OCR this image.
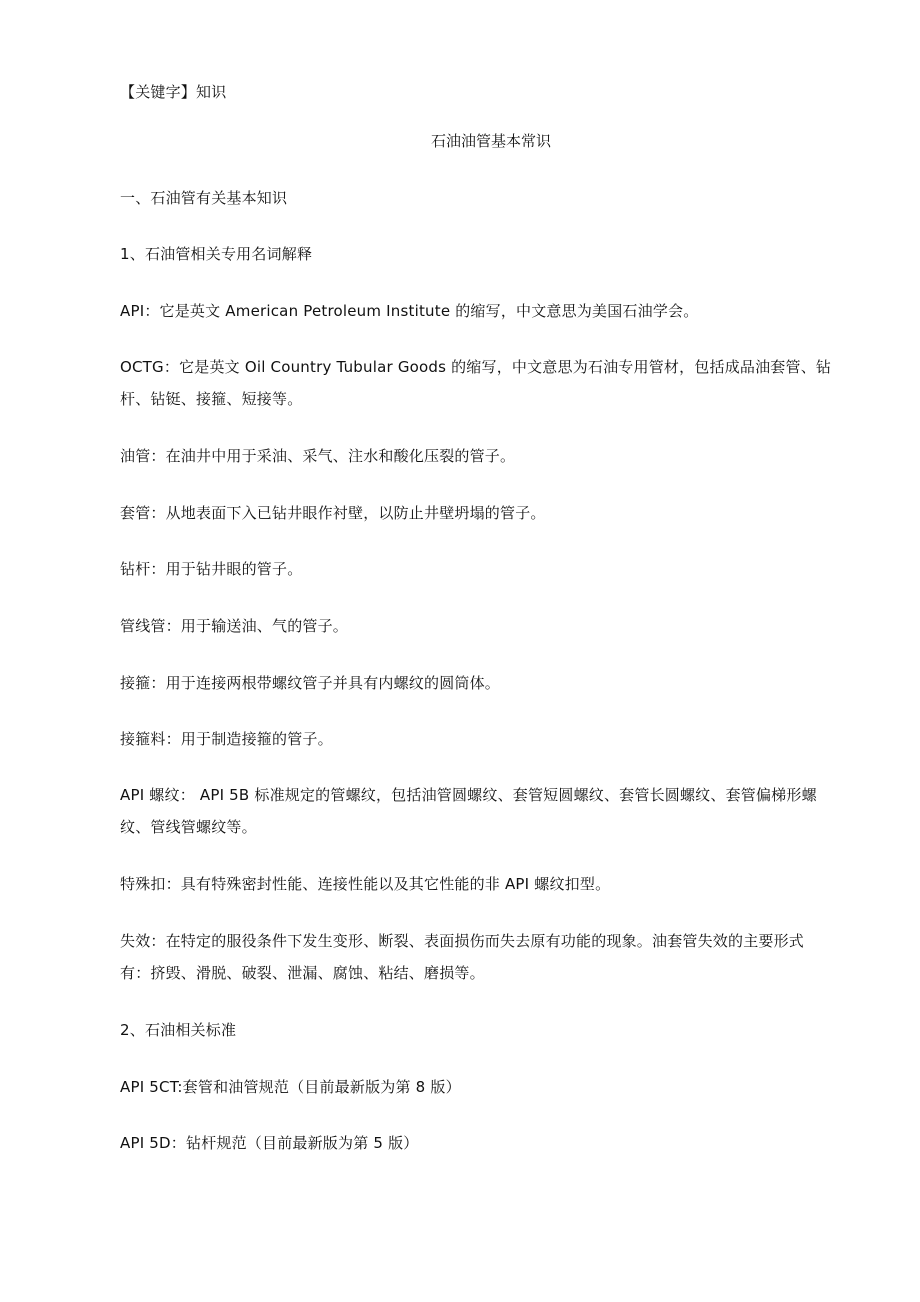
【关键字】知识
石油油管基本常识
一、石油管有关基本知识
1、石油管相关专用名词解释
API：它是英文 American Petroleum Institute 的缩写，中文意思为美国石油学会。
OCTG：它是英文 Oil Country Tubular Goods 的缩写，中文意思为石油专用管材，包括成品油套管、钻杆、钻铤、接箍、短接等。
油管：在油井中用于采油、采气、注水和酸化压裂的管子。
套管：从地表面下入已钻井眼作衬壁，以防止井壁坍塌的管子。
钻杆：用于钻井眼的管子。
管线管：用于输送油、气的管子。
接箍：用于连接两根带螺纹管子并具有内螺纹的圆筒体。
接箍料：用于制造接箍的管子。
API 螺纹： API 5B 标准规定的管螺纹，包括油管圆螺纹、套管短圆螺纹、套管长圆螺纹、套管偏梯形螺纹、管线管螺纹等。
特殊扣：具有特殊密封性能、连接性能以及其它性能的非 API 螺纹扣型。
失效：在特定的服役条件下发生变形、断裂、表面损伤而失去原有功能的现象。油套管失效的主要形式有：挤毁、滑脱、破裂、泄漏、腐蚀、粘结、磨损等。
2、石油相关标准
API 5CT:套管和油管规范（目前最新版为第 8 版）
API 5D：钻杆规范（目前最新版为第 5 版）
